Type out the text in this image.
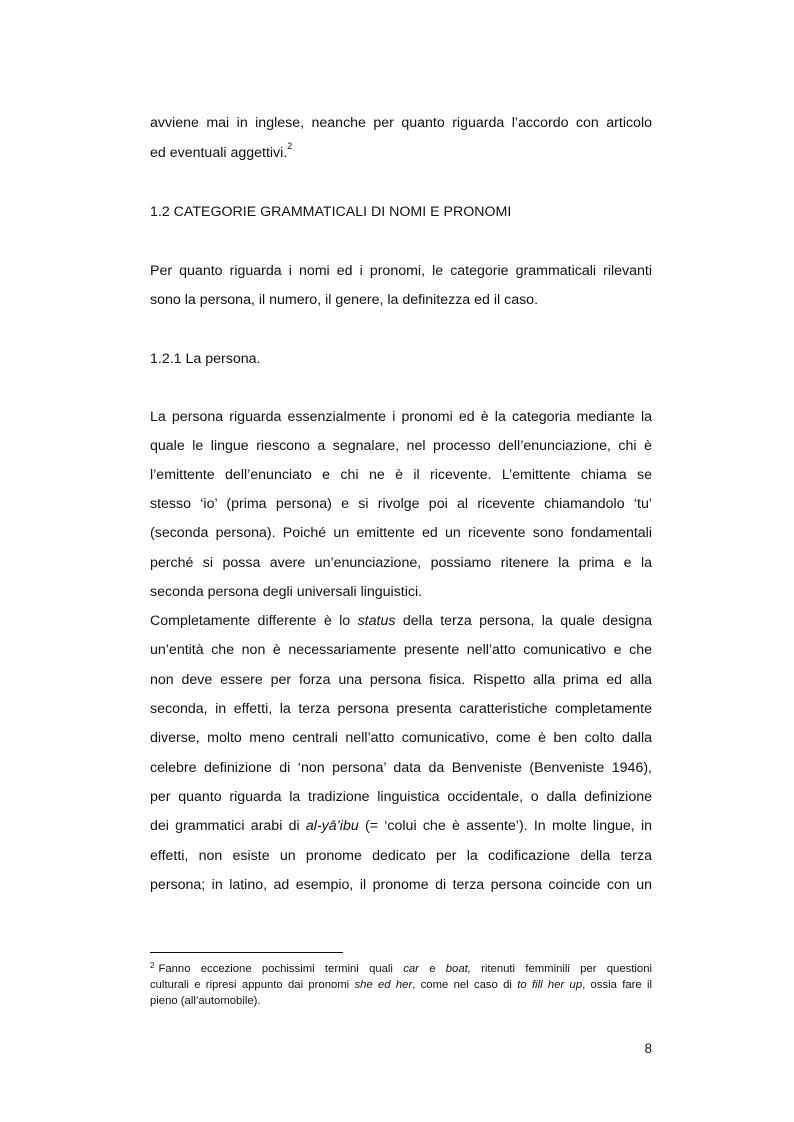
avviene mai in inglese, neanche per quanto riguarda l’accordo con articolo
ed eventuali aggettivi.$^2$
1.2 CATEGORIE GRAMMATICALI DI NOMI E PRONOMI
Per quanto riguarda i nomi ed i pronomi, le categorie grammaticali rilevanti
sono la persona, il numero, il genere, la definitezza ed il caso.
1.2.1 La persona.
La persona riguarda essenzialmente i pronomi ed è la categoria mediante la
quale le lingue riescono a segnalare, nel processo dell’enunciazione, chi è
l’emittente dell’enunciato e chi ne è il ricevente. L’emittente chiama se
stesso ‘io’ (prima persona) e si rivolge poi al ricevente chiamandolo ‘tu’
(seconda persona). Poiché un emittente ed un ricevente sono fondamentali
perché si possa avere un’enunciazione, possiamo ritenere la prima e la
seconda persona degli universali linguistici.
Completamente differente è lo status della terza persona, la quale designa
un’entità che non è necessariamente presente nell’atto comunicativo e che
non deve essere per forza una persona fisica. Rispetto alla prima ed alla
seconda, in effetti, la terza persona presenta caratteristiche completamente
diverse, molto meno centrali nell’atto comunicativo, come è ben colto dalla
celebre definizione di ‘non persona’ data da Benveniste (Benveniste 1946),
per quanto riguarda la tradizione linguistica occidentale, o dalla definizione
dei grammatici arabi di al-yā’ibu (= ‘colui che è assente’). In molte lingue, in
effetti, non esiste un pronome dedicato per la codificazione della terza
persona; in latino, ad esempio, il pronome di terza persona coincide con un
$^2$ Fanno eccezione pochissimi termini quali car e boat, ritenuti femminili per questioni
culturali e ripresi appunto dai pronomi she ed her, come nel caso di to fill her up, ossia fare il
pieno (all’automobile).
8
